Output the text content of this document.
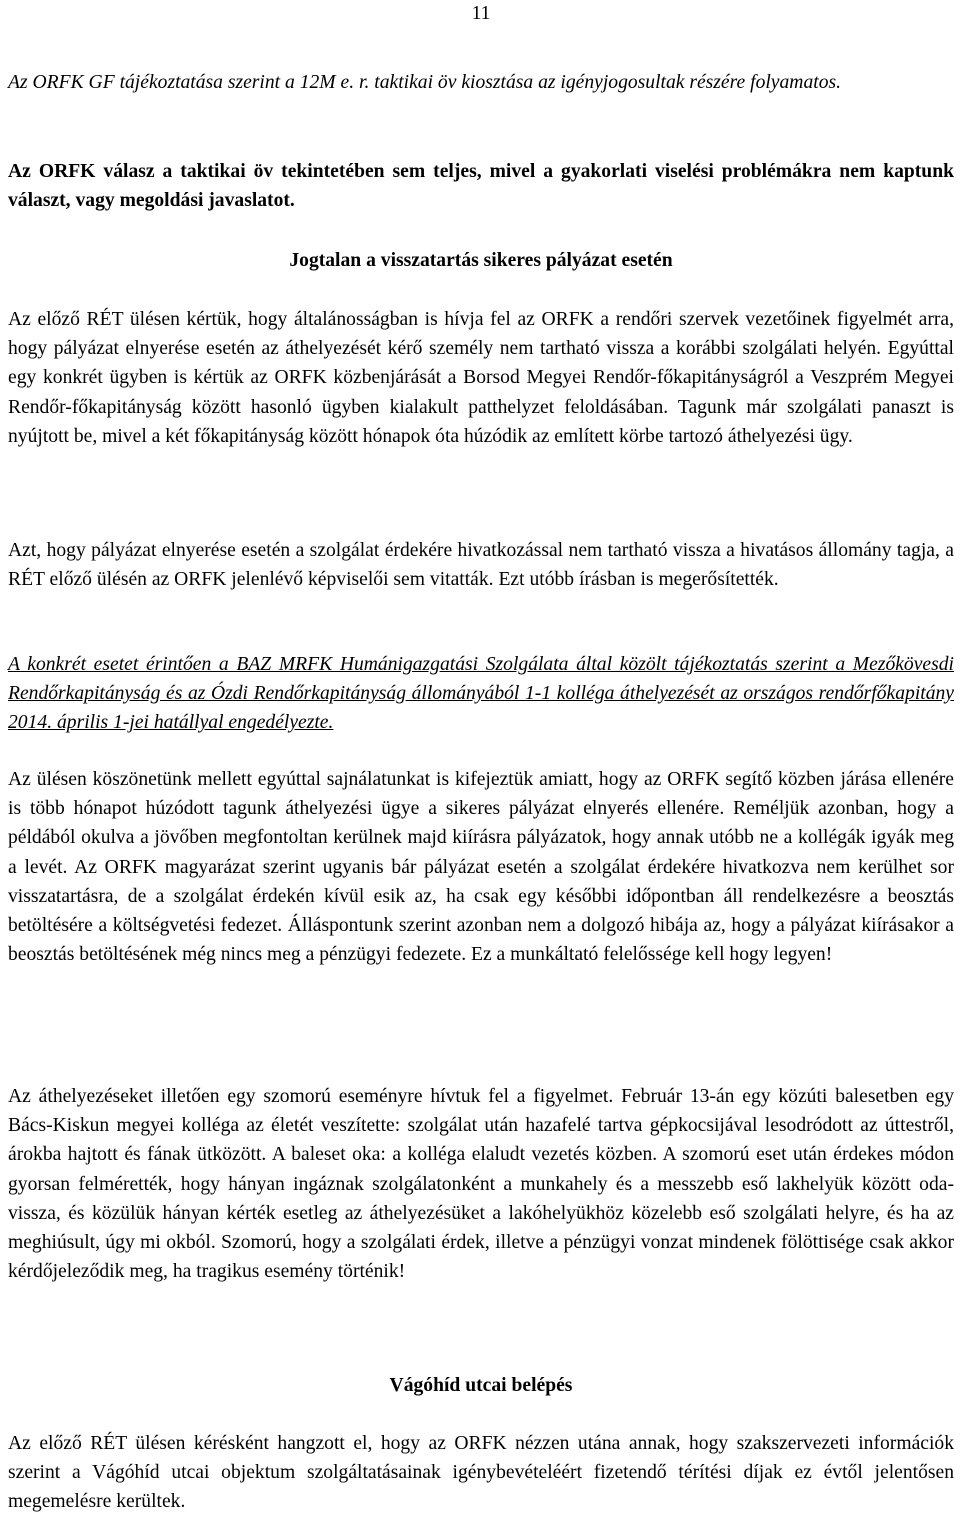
11

Az ORFK GF tájékoztatása szerint a 12M e. r. taktikai öv kiosztása az igényjogosultak részére folyamatos.

Az ORFK válasz a taktikai öv tekintetében sem teljes, mivel a gyakorlati viselési problémákra nem kaptunk választ, vagy megoldási javaslatot.

Jogtalan a visszatartás sikeres pályázat esetén

Az előző RÉT ülésen kértük, hogy általánosságban is hívja fel az ORFK a rendőri szervek vezetőinek figyelmét arra, hogy pályázat elnyerése esetén az áthelyezését kérő személy nem tartható vissza a korábbi szolgálati helyén. Egyúttal egy konkrét ügyben is kértük az ORFK közbenjárását a Borsod Megyei Rendőr-főkapitányságról a Veszprém Megyei Rendőr-főkapitányság között hasonló ügyben kialakult patthelyzet feloldásában. Tagunk már szolgálati panaszt is nyújtott be, mivel a két főkapitányság között hónapok óta húzódik az említett körbe tartozó áthelyezési ügy.

Azt, hogy pályázat elnyerése esetén a szolgálat érdekére hivatkozással nem tartható vissza a hivatásos állomány tagja, a RÉT előző ülésén az ORFK jelenlévő képviselői sem vitatták. Ezt utóbb írásban is megerősítették.

A konkrét esetet érintően a BAZ MRFK Humánigazgatási Szolgálata által közölt tájékoztatás szerint a Mezőkövesdi Rendőrkapitányság és az Ózdi Rendőrkapitányság állományából 1-1 kolléga áthelyezését az országos rendőrfőkapitány 2014. április 1-jei hatállyal engedélyezte.

Az ülésen köszönetünk mellett egyúttal sajnálatunkat is kifejeztük amiatt, hogy az ORFK segítő közben járása ellenére is több hónapot húzódott tagunk áthelyezési ügye a sikeres pályázat elnyerés ellenére. Reméljük azonban, hogy a példából okulva a jövőben megfontoltan kerülnek majd kiírásra pályázatok, hogy annak utóbb ne a kollégák igyák meg a levét. Az ORFK magyarázat szerint ugyanis bár pályázat esetén a szolgálat érdekére hivatkozva nem kerülhet sor visszatartásra, de a szolgálat érdekén kívül esik az, ha csak egy későbbi időpontban áll rendelkezésre a beosztás betöltésére a költségvetési fedezet. Álláspontunk szerint azonban nem a dolgozó hibája az, hogy a pályázat kiírásakor a beosztás betöltésének még nincs meg a pénzügyi fedezete. Ez a munkáltató felelőssége kell hogy legyen!

Az áthelyezéseket illetően egy szomorú eseményre hívtuk fel a figyelmet. Február 13-án egy közúti balesetben egy Bács-Kiskun megyei kolléga az életét veszítette: szolgálat után hazafelé tartva gépkocsijával lesodródott az úttestről, árokba hajtott és fának ütközött. A baleset oka: a kolléga elaludt vezetés közben. A szomorú eset után érdekes módon gyorsan felmérették, hogy hányan ingáznak szolgálatonként a munkahely és a messzebb eső lakhelyük között oda-vissza, és közülük hányan kérték esetleg az áthelyezésüket a lakóhelyükhöz közelebb eső szolgálati helyre, és ha az meghiúsult, úgy mi okból. Szomorú, hogy a szolgálati érdek, illetve a pénzügyi vonzat mindenek fölöttisége csak akkor kérdőjeleződik meg, ha tragikus esemény történik!

Vágóhíd utcai belépés

Az előző RÉT ülésen kérésként hangzott el, hogy az ORFK nézzen utána annak, hogy szakszervezeti információk szerint a Vágóhíd utcai objektum szolgáltatásainak igénybevételéért fizetendő térítési díjak ez évtől jelentősen megemelésre kerültek.
